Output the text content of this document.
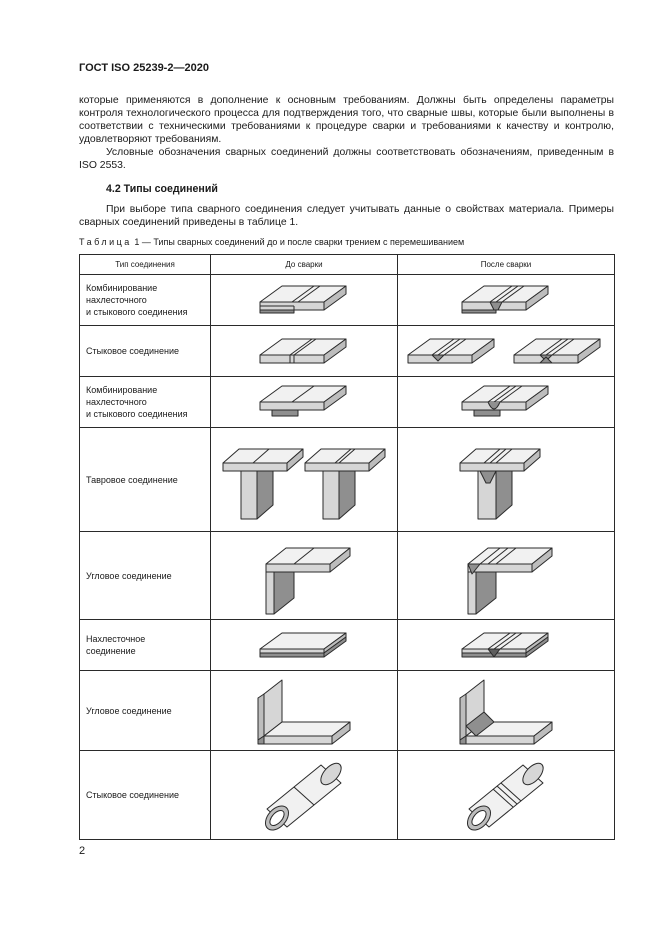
ГОСТ ISO 25239-2—2020

которые применяются в дополнение к основным требованиям. Должны быть определены параметры контроля технологического процесса для подтверждения того, что сварные швы, которые были выполнены в соответствии с техническими требованиями к процедуре сварки и требованиями к качеству и контролю, удовлетворяют требованиям.

Условные обозначения сварных соединений должны соответствовать обозначениям, приведенным в ISO 2553.

4.2 Типы соединений

При выборе типа сварного соединения следует учитывать данные о свойствах материала. Примеры сварных соединений приведены в таблице 1.

Таблица 1 — Типы сварных соединений до и после сварки трением с перемешиванием
Тип соединения	До сварки	После сварки
Комбинирование
нахлесточного
и стыкового соединения	

Стыковое соединение	

Комбинирование
нахлесточного
и стыкового соединения	

Тавровое соединение	

Угловое соединение	

Нахлесточное
соединение	

Угловое соединение	

Стыковое соединение	

2
